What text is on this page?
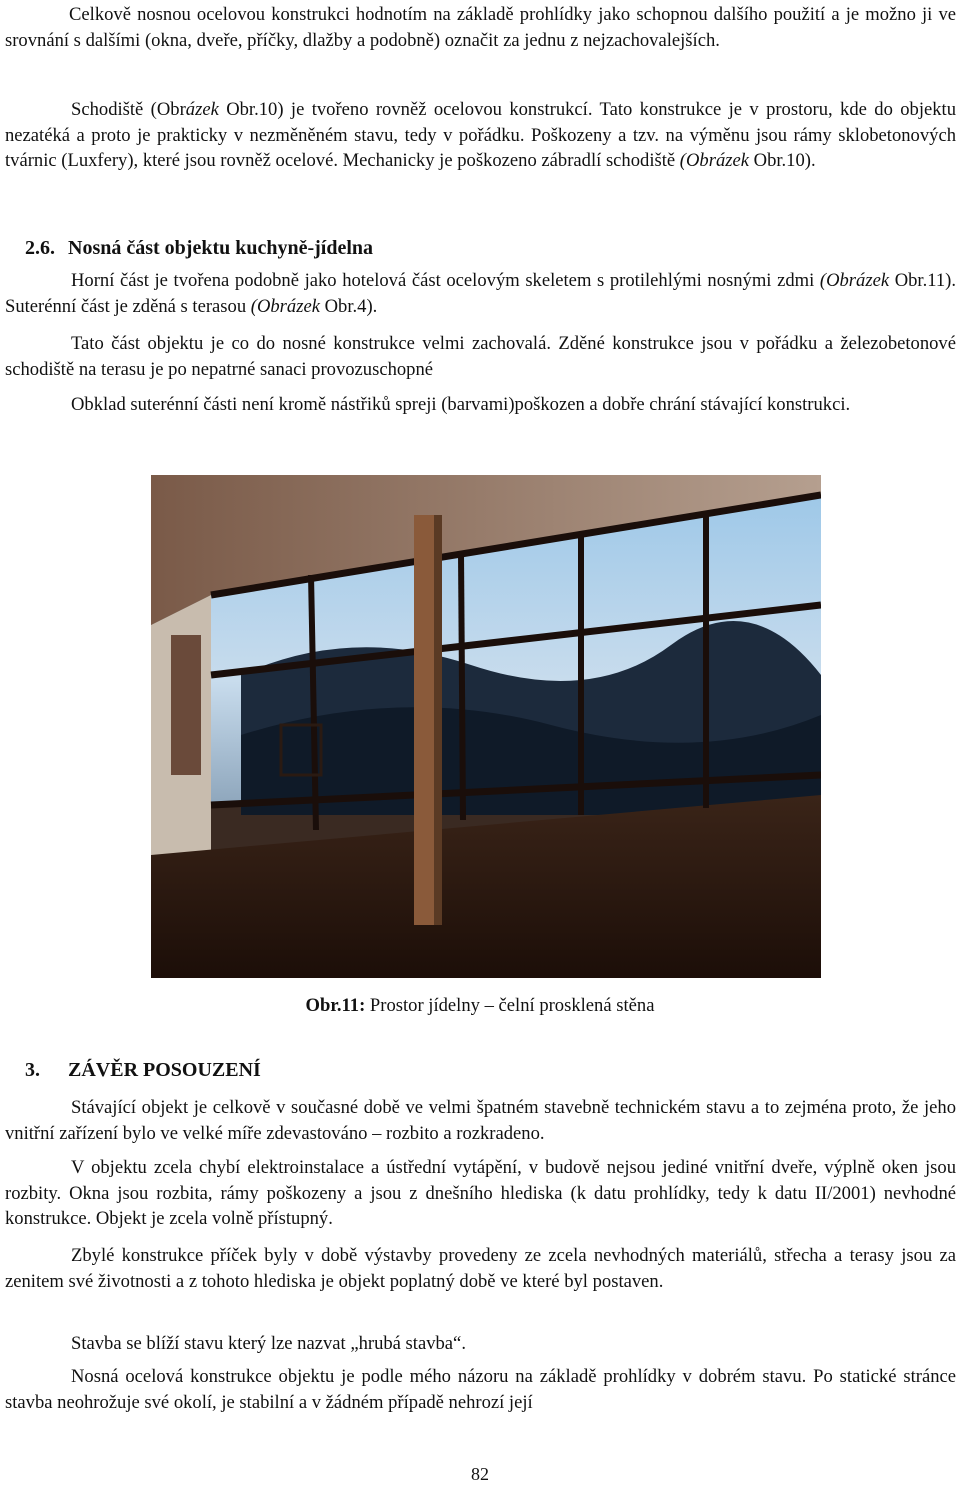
Celkově nosnou ocelovou konstrukci hodnotím na základě prohlídky jako schopnou dalšího použití a je možno ji ve srovnání s dalšími (okna, dveře, příčky, dlažby a podobně) označit za jednu z nejzachovalejších.

Schodiště (Obrázek Obr.10) je tvořeno rovněž ocelovou konstrukcí. Tato konstrukce je v prostoru, kde do objektu nezatéká a proto je prakticky v nezměněném stavu, tedy v pořádku. Poškozeny a tzv. na výměnu jsou rámy sklobetonových tvárnic (Luxfery), které jsou rovněž ocelové. Mechanicky je poškozeno zábradlí schodiště (Obrázek Obr.10).

2.6. Nosná část objektu kuchyně-jídelna

Horní část je tvořena podobně jako hotelová část ocelovým skeletem s protilehlými nosnými zdmi (Obrázek Obr.11). Suterénní část je zděná s terasou (Obrázek Obr.4).

Tato část objektu je co do nosné konstrukce velmi zachovalá. Zděné konstrukce jsou v pořádku a železobetonové schodiště na terasu je po nepatrné sanaci provozuschopné

Obklad suterénní části není kromě nástřiků spreji (barvami)poškozen a dobře chrání stávající konstrukci.

Obr.11: Prostor jídelny – čelní prosklená stěna
3. ZÁVĚR POSOUZENÍ

Stávající objekt je celkově v současné době ve velmi špatném stavebně technickém stavu a to zejména proto, že jeho vnitřní zařízení bylo ve velké míře zdevastováno – rozbito a rozkradeno.

V objektu zcela chybí elektroinstalace a ústřední vytápění, v budově nejsou jediné vnitřní dveře, výplně oken jsou rozbity. Okna jsou rozbita, rámy poškozeny a jsou z dnešního hlediska (k datu prohlídky, tedy k datu II/2001) nevhodné konstrukce. Objekt je zcela volně přístupný.

Zbylé konstrukce příček byly v době výstavby provedeny ze zcela nevhodných materiálů, střecha a terasy jsou za zenitem své životnosti a z tohoto hlediska je objekt poplatný době ve které byl postaven.

Stavba se blíží stavu který lze nazvat „hrubá stavba“.

Nosná ocelová konstrukce objektu je podle mého názoru na základě prohlídky v dobrém stavu. Po statické stránce stavba neohrožuje své okolí, je stabilní a v žádném případě nehrozí její

82
